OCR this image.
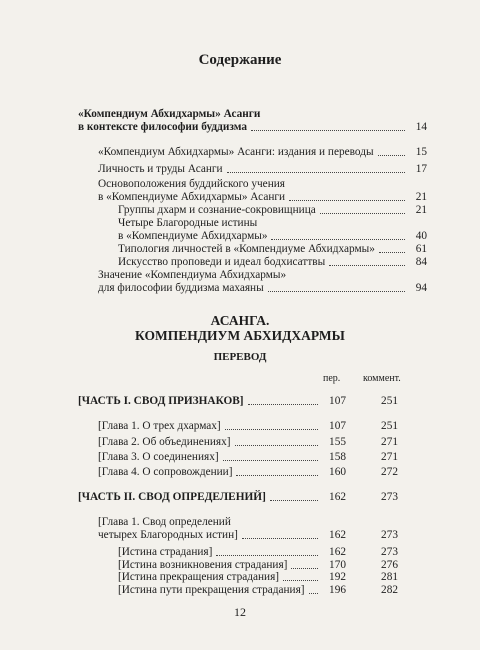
Содержание
«Компендиум Абхидхармы» Асанги
в контексте философии буддизма	14
«Компендиум Абхидхармы» Асанги: издания и переводы	15
Личность и труды Асанги	17
Основоположения буддийского учения
в «Компендиуме Абхидхармы» Асанги	21
Группы дхарм и сознание-сокровищница	21
Четыре Благородные истины
в «Компендиуме Абхидхармы»	40
Типология личностей в «Компендиуме Абхидхармы»	61
Искусство проповеди и идеал бодхисаттвы	84
Значение «Компендиума Абхидхармы»
для философии буддизма махаяны	94
АСАНГА.
КОМПЕНДИУМ АБХИДХАРМЫ
ПЕРЕВОД
пер. коммент.
[ЧАСТЬ I. СВОД ПРИЗНАКОВ]	107	251
[Глава 1. О трех дхармах]	107	251
[Глава 2. Об объединениях]	155	271
[Глава 3. О соединениях]	158	271
[Глава 4. О сопровождении]	160	272
[ЧАСТЬ II. СВОД ОПРЕДЕЛЕНИЙ]	162	273
[Глава 1. Свод определений
четырех Благородных истин]	162	273
[Истина страдания]	162	273
[Истина возникновения страдания]	170	276
[Истина прекращения страдания]	192	281
[Истина пути прекращения страдания]	196	282
12
